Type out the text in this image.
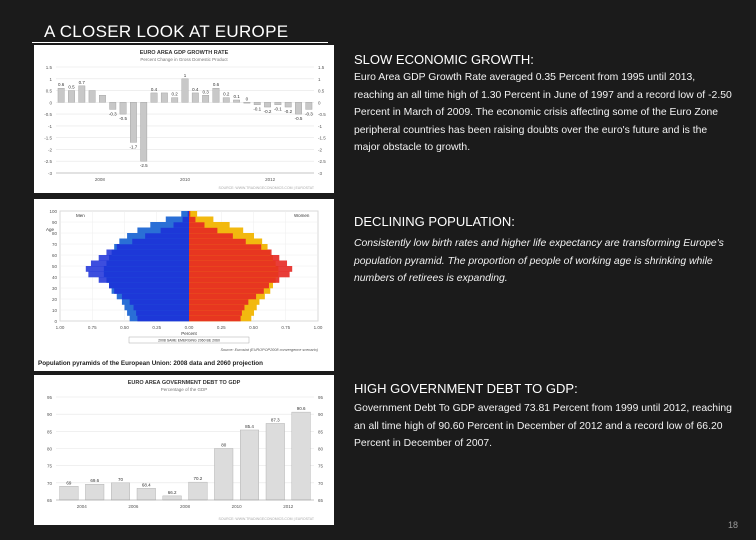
A CLOSER LOOK AT EUROPE
EURO AREA GDP GROWTH RATE
Percent Change in Gross Domestic Product
1.5	1.5
1	1
0.5	0.5
0	0
-0.5	-0.5
-1	-1
-1.5	-1.5
-2	-2
-2.5	-2.5
-3	-3
0.6 0.5
0.7
-0.3
-0.5
-1.7
-2.5
0.4
0.2
1
0.4 0.3
0.6
0.2 0.1 0
-0.1 -0.2 -0.1 -0.2
-0.5
-0.3
2008	2010	2012
SOURCE: WWW.TRADINGECONOMICS.COM | EUROSTAT
100
90
80
70
60
50
40
30
20
10
0
1.00	0.75	0.50	0.25	0.00	0.25	0.50	0.75	1.00
Men	Women
Age
Percent
2008 SAME EMERGING 2060 BE 2060
Source: Eurostat (EUROPOP2008 convergence scenario)
Population pyramids of the European Union: 2008 data and 2060 projection
EURO AREA GOVERNMENT DEBT TO GDP
Percentage of the GDP
95	95
90	90
85	85
80	80
75	75
70	70
65	65
69	69.6	70
68.4
66.2
70.2
80
85.4
87.3
90.6
2004	2006	2008	2010	2012
SOURCE: WWW.TRADINGECONOMICS.COM | EUROSTAT
SLOW ECONOMIC GROWTH:
Euro Area GDP Growth Rate averaged 0.35 Percent from 1995 until 2013, reaching an all time high of 1.30 Percent in June of 1997 and a record low of -2.50 Percent in March of 2009. The economic crisis affecting some of the Euro Zone peripheral countries has been raising doubts over the euro's future and is the major obstacle to growth.
DECLINING POPULATION:
Consistently low birth rates and higher life expectancy are transforming Europe's population pyramid. The proportion of people of working age is shrinking while numbers of retirees is expanding.
HIGH GOVERNMENT DEBT TO GDP:
Government Debt To GDP averaged 73.81 Percent from 1999 until 2012, reaching an all time high of 90.60 Percent in December of 2012 and a record low of 66.20 Percent in December of 2007.
18
